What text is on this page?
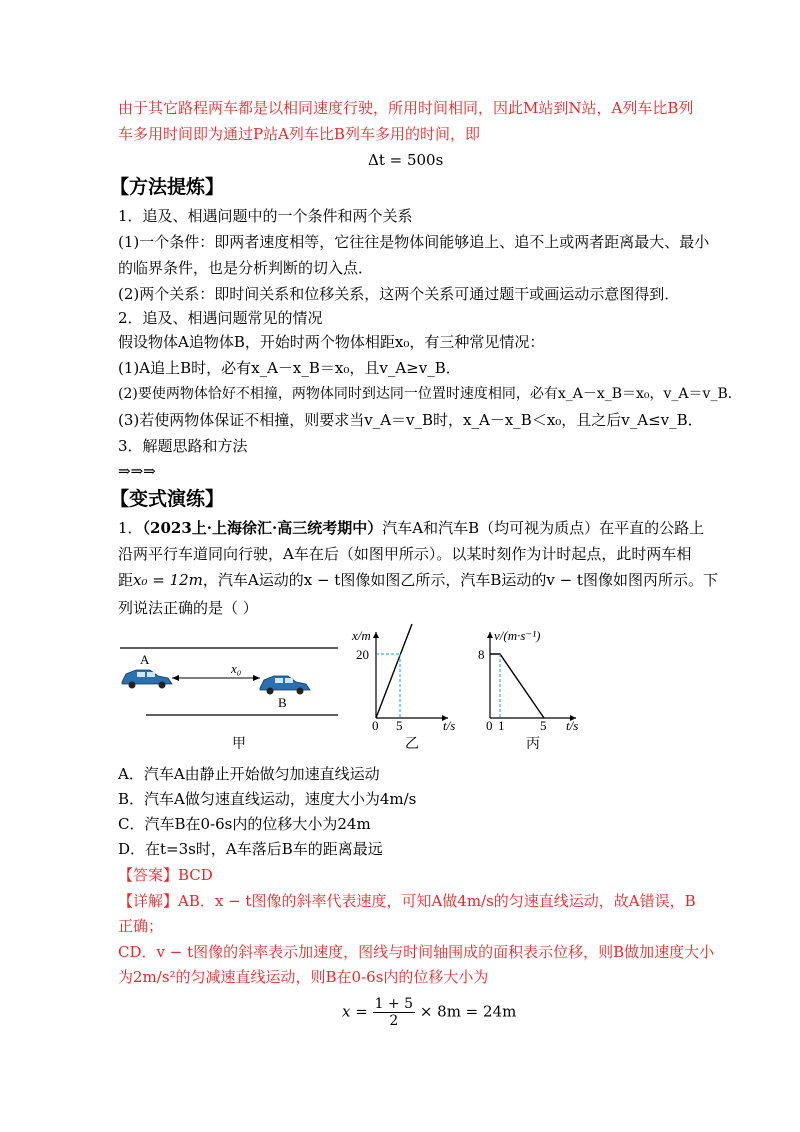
由于其它路程两车都是以相同速度行驶，所用时间相同，因此M站到N站，A列车比B列
车多用时间即为通过P站A列车比B列车多用的时间，即
Δt = 500s
【方法提炼】
1．追及、相遇问题中的一个条件和两个关系
(1)一个条件：即两者速度相等，它往往是物体间能够追上、追不上或两者距离最大、最小
的临界条件，也是分析判断的切入点．
(2)两个关系：即时间关系和位移关系，这两个关系可通过题干或画运动示意图得到．
2．追及、相遇问题常见的情况
假设物体A追物体B，开始时两个物体相距x₀，有三种常见情况：
(1)A追上B时，必有x_A－x_B＝x₀，且v_A≥v_B．
(2)要使两物体恰好不相撞，两物体同时到达同一位置时速度相同，必有x_A－x_B＝x₀，v_A＝v_B．
(3)若使两物体保证不相撞，则要求当v_A＝v_B时，x_A－x_B＜x₀，且之后v_A≤v_B．
3．解题思路和方法
⇒⇒⇒
【变式演练】
1．（2023上·上海徐汇·高三统考期中）汽车A和汽车B（均可视为质点）在平直的公路上
沿两平行车道同向行驶，A车在后（如图甲所示）。以某时刻作为计时起点，此时两车相
距x₀ = 12m，汽车A运动的x − t图像如图乙所示，汽车B运动的v − t图像如图丙所示。下
列说法正确的是（ ）
A
B
x₀
甲
x/m
20
0 5	t/s
乙
v/(m·s⁻¹)
8
0 1	5 t/s
丙
A．汽车A由静止开始做匀加速直线运动
B．汽车A做匀速直线运动，速度大小为4m/s
C．汽车B在0-6s内的位移大小为24m
D．在t=3s时，A车落后B车的距离最远
【答案】BCD
【详解】AB．x − t图像的斜率代表速度，可知A做4m/s的匀速直线运动，故A错误，B
正确；
CD．v − t图像的斜率表示加速度，图线与时间轴围成的面积表示位移，则B做加速度大小
为2m/s²的匀减速直线运动，则B在0-6s内的位移大小为
$x = \frac{1 + 5}{2} \times 8m = 24m$
